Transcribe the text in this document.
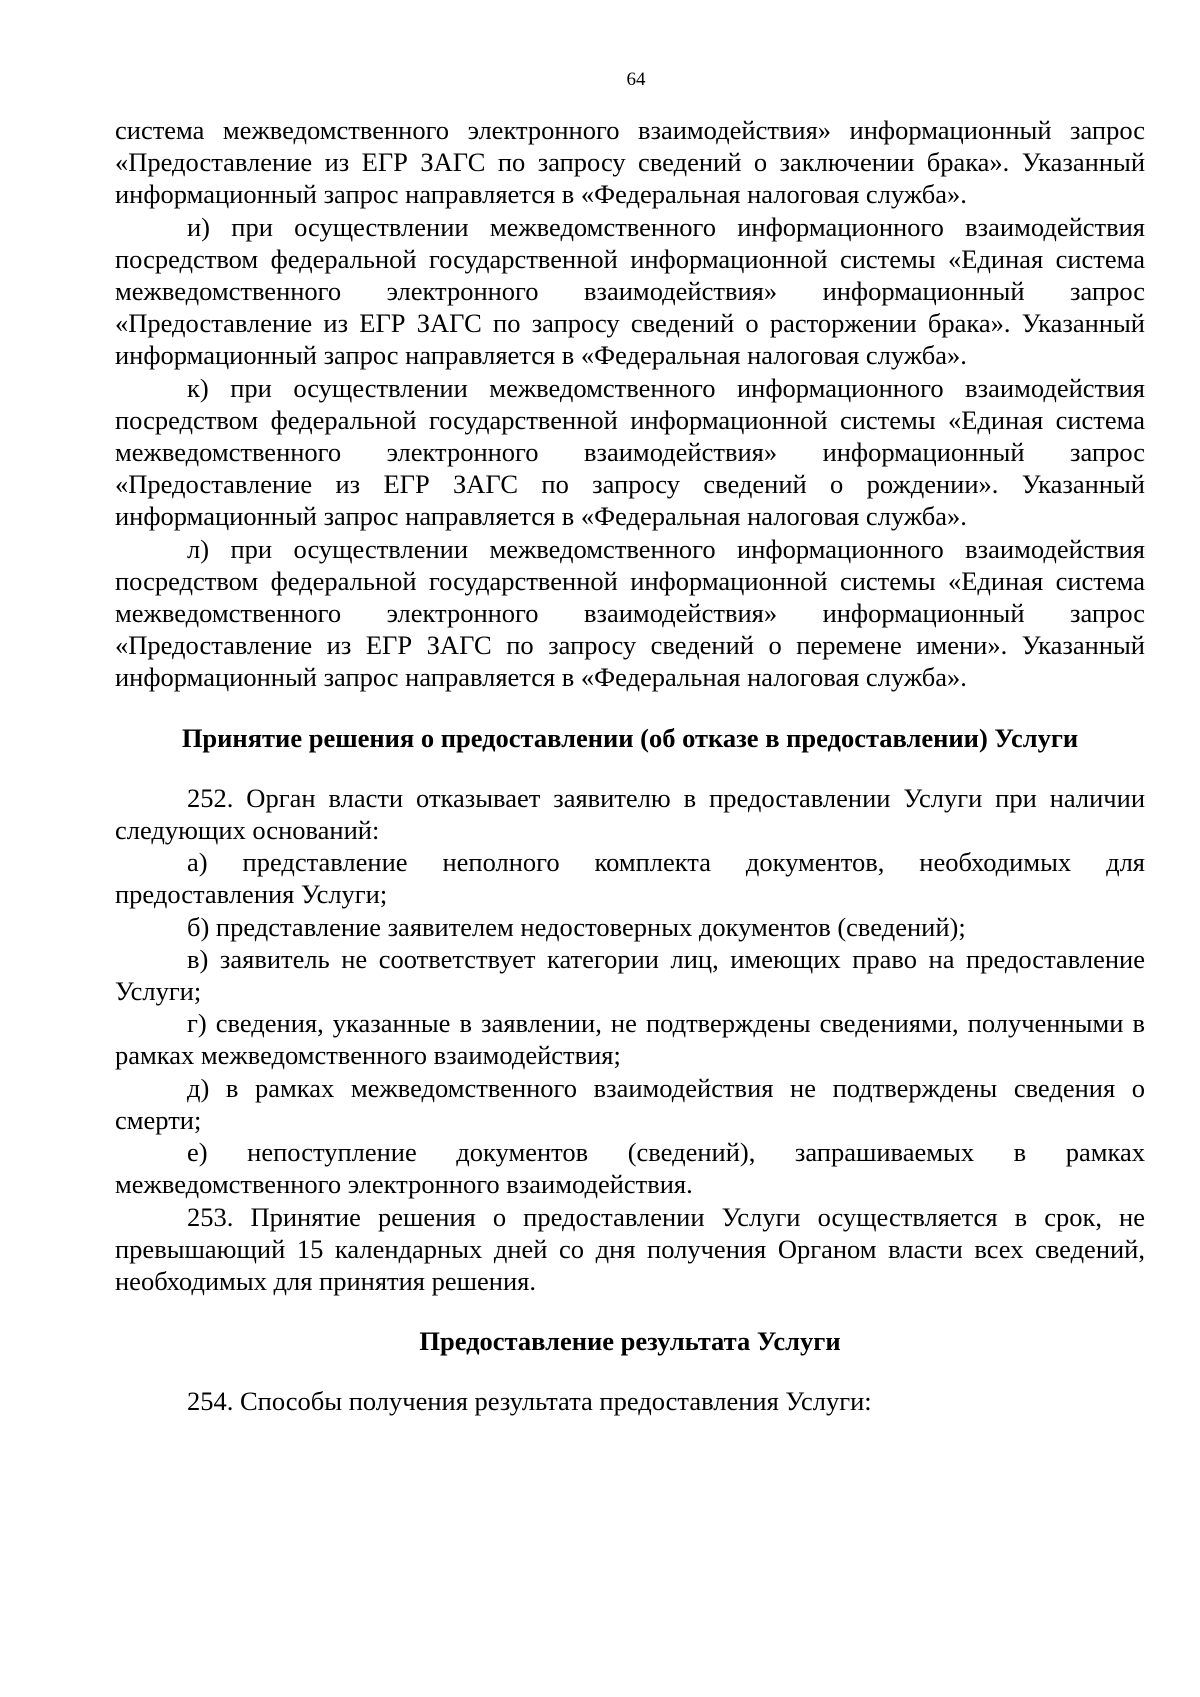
64

система межведомственного электронного взаимодействия» информационный запрос «Предоставление из ЕГР ЗАГС по запросу сведений о заключении брака». Указанный информационный запрос направляется в «Федеральная налоговая служба».

и) при осуществлении межведомственного информационного взаимодействия посредством федеральной государственной информационной системы «Единая система межведомственного электронного взаимодействия» информационный запрос «Предоставление из ЕГР ЗАГС по запросу сведений о расторжении брака». Указанный информационный запрос направляется в «Федеральная налоговая служба».

к) при осуществлении межведомственного информационного взаимодействия посредством федеральной государственной информационной системы «Единая система межведомственного электронного взаимодействия» информационный запрос «Предоставление из ЕГР ЗАГС по запросу сведений о рождении». Указанный информационный запрос направляется в «Федеральная налоговая служба».

л) при осуществлении межведомственного информационного взаимодействия посредством федеральной государственной информационной системы «Единая система межведомственного электронного взаимодействия» информационный запрос «Предоставление из ЕГР ЗАГС по запросу сведений о перемене имени». Указанный информационный запрос направляется в «Федеральная налоговая служба».

Принятие решения о предоставлении (об отказе в предоставлении) Услуги

252. Орган власти отказывает заявителю в предоставлении Услуги при наличии следующих оснований:

а) представление неполного комплекта документов, необходимых для предоставления Услуги;

б) представление заявителем недостоверных документов (сведений);

в) заявитель не соответствует категории лиц, имеющих право на предоставление Услуги;

г) сведения, указанные в заявлении, не подтверждены сведениями, полученными в рамках межведомственного взаимодействия;

д) в рамках межведомственного взаимодействия не подтверждены сведения о смерти;

е) непоступление документов (сведений), запрашиваемых в рамках межведомственного электронного взаимодействия.

253. Принятие решения о предоставлении Услуги осуществляется в срок, не превышающий 15 календарных дней со дня получения Органом власти всех сведений, необходимых для принятия решения.

Предоставление результата Услуги

254. Способы получения результата предоставления Услуги:
